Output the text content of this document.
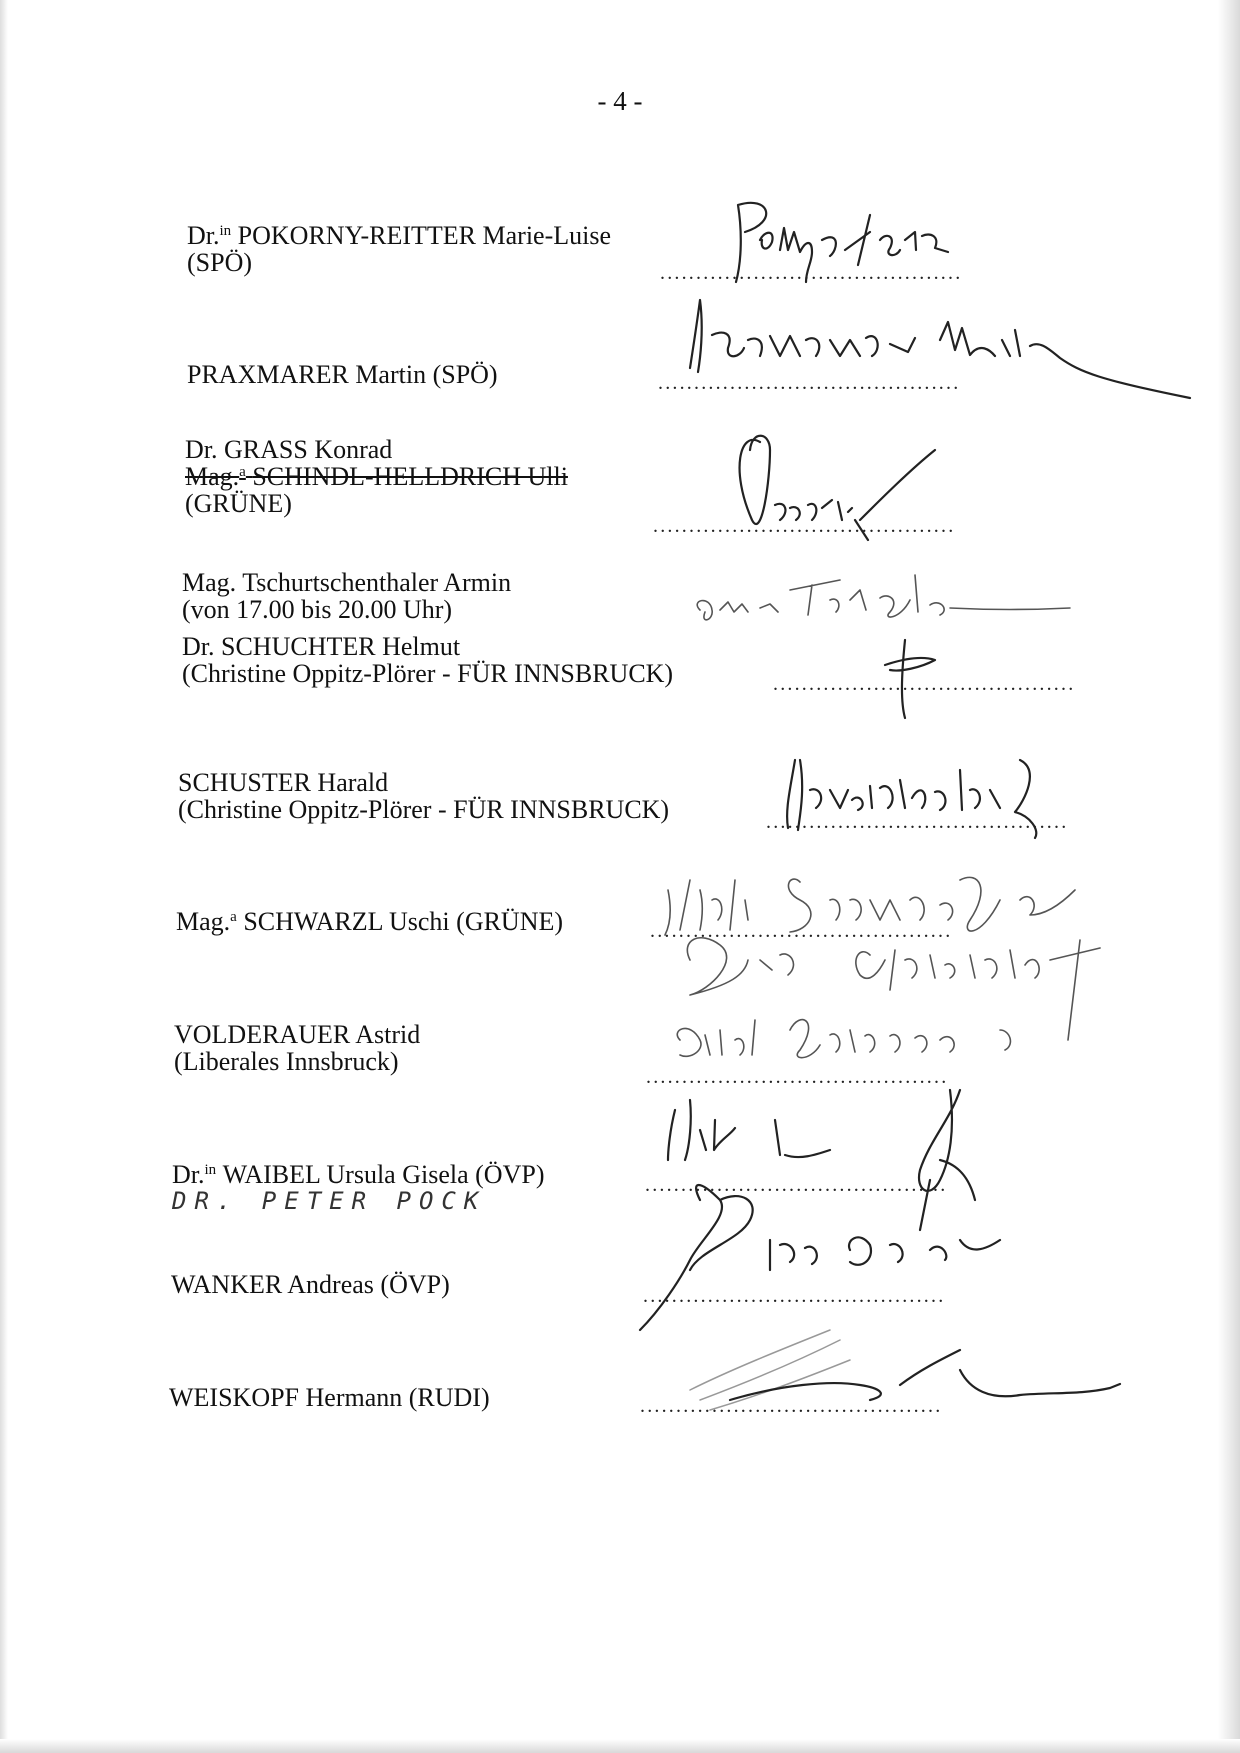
- 4 -
Dr.$^{in}$ POKORNY-REITTER Marie-Luise
(SPÖ)
PRAXMARER Martin (SPÖ)
Dr. GRASS Konrad
Mag.$^a$ SCHINDL-HELLDRICH Ulli
(GRÜNE)
Mag. Tschurtschenthaler Armin
(von 17.00 bis 20.00 Uhr)
Dr. SCHUCHTER Helmut
(Christine Oppitz-Plörer - FÜR INNSBRUCK)
SCHUSTER Harald
(Christine Oppitz-Plörer - FÜR INNSBRUCK)
Mag.$^a$ SCHWARZL Uschi (GRÜNE)
VOLDERAUER Astrid
(Liberales Innsbruck)
Dr.$^{in}$ WAIBEL Ursula Gisela (ÖVP)
DR. PETER POCK
WANKER Andreas (ÖVP)
WEISKOPF Hermann (RUDI)
..........................................
..........................................
..........................................
..........................................
..........................................
..........................................
..........................................
..........................................
..........................................
..........................................
